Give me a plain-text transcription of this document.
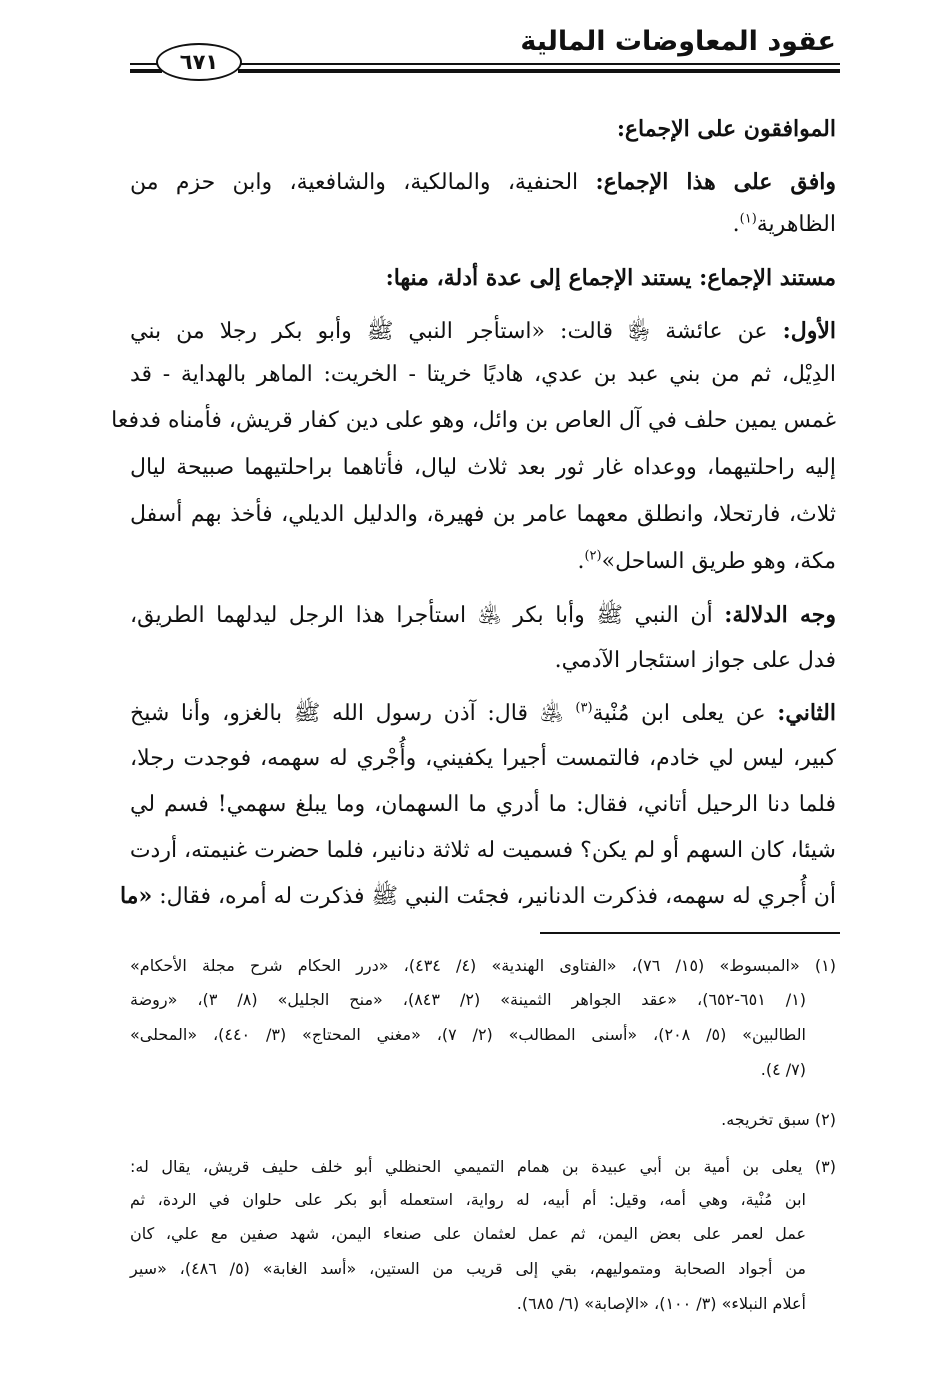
عقود المعاوضات المالية
٦٧١
الموافقون على الإجماع:
وافق على هذا الإجماع: الحنفية، والمالكية، والشافعية، وابن حزم من
الظاهرية$^{(١)}$.
مستند الإجماع: يستند الإجماع إلى عدة أدلة، منها:
الأول: عن عائشة ﵂ قالت: «استأجر النبي ﷺ وأبو بكر رجلا من بني
الدِيْل، ثم من بني عبد بن عدي، هاديًا خريتا - الخريت: الماهر بالهداية - قد
غمس يمين حلف في آل العاص بن وائل، وهو على دين كفار قريش، فأمناه فدفعا
إليه راحلتيهما، ووعداه غار ثور بعد ثلاث ليال، فأتاهما براحلتيهما صبيحة ليال
ثلاث، فارتحلا، وانطلق معهما عامر بن فهيرة، والدليل الديلي، فأخذ بهم أسفل
مكة، وهو طريق الساحل»$^{(٢)}$.
وجه الدلالة: أن النبي ﷺ وأبا بكر ﵁ استأجرا هذا الرجل ليدلهما الطريق،
فدل على جواز استئجار الآدمي.
الثاني: عن يعلى ابن مُنْية$^{(٣)}$ ﵁ قال: آذن رسول الله ﷺ بالغزو، وأنا شيخ
كبير، ليس لي خادم، فالتمست أجيرا يكفيني، وأُجْري له سهمه، فوجدت رجلا،
فلما دنا الرحيل أتاني، فقال: ما أدري ما السهمان، وما يبلغ سهمي! فسم لي
شيئا، كان السهم أو لم يكن؟ فسميت له ثلاثة دنانير، فلما حضرت غنيمته، أردت
أن أُجري له سهمه، فذكرت الدنانير، فجئت النبي ﷺ فذكرت له أمره، فقال: «ما
(١) «المبسوط» (١٥/ ٧٦)، «الفتاوى الهندية» (٤/ ٤٣٤)، «درر الحكام شرح مجلة الأحكام»
(١/ ٦٥١-٦٥٢)، «عقد الجواهر الثمينة» (٢/ ٨٤٣)، «منح الجليل» (٨/ ٣)، «روضة
الطالبين» (٥/ ٢٠٨)، «أسنى المطالب» (٢/ ٧)، «مغني المحتاج» (٣/ ٤٤٠)، «المحلى»
(٧/ ٤).
(٢) سبق تخريجه.
(٣) يعلى بن أمية بن أبي عبيدة بن همام التميمي الحنظلي أبو خلف حليف قريش، يقال له:
ابن مُنْية، وهي أمه، وقيل: أم أبيه، له رواية، استعمله أبو بكر على حلوان في الردة، ثم
عمل لعمر على بعض اليمن، ثم عمل لعثمان على صنعاء اليمن، شهد صفين مع علي، كان
من أجواد الصحابة ومتموليهم، بقي إلى قريب من الستين، «أسد الغابة» (٥/ ٤٨٦)، «سير
أعلام النبلاء» (٣/ ١٠٠)، «الإصابة» (٦/ ٦٨٥).
